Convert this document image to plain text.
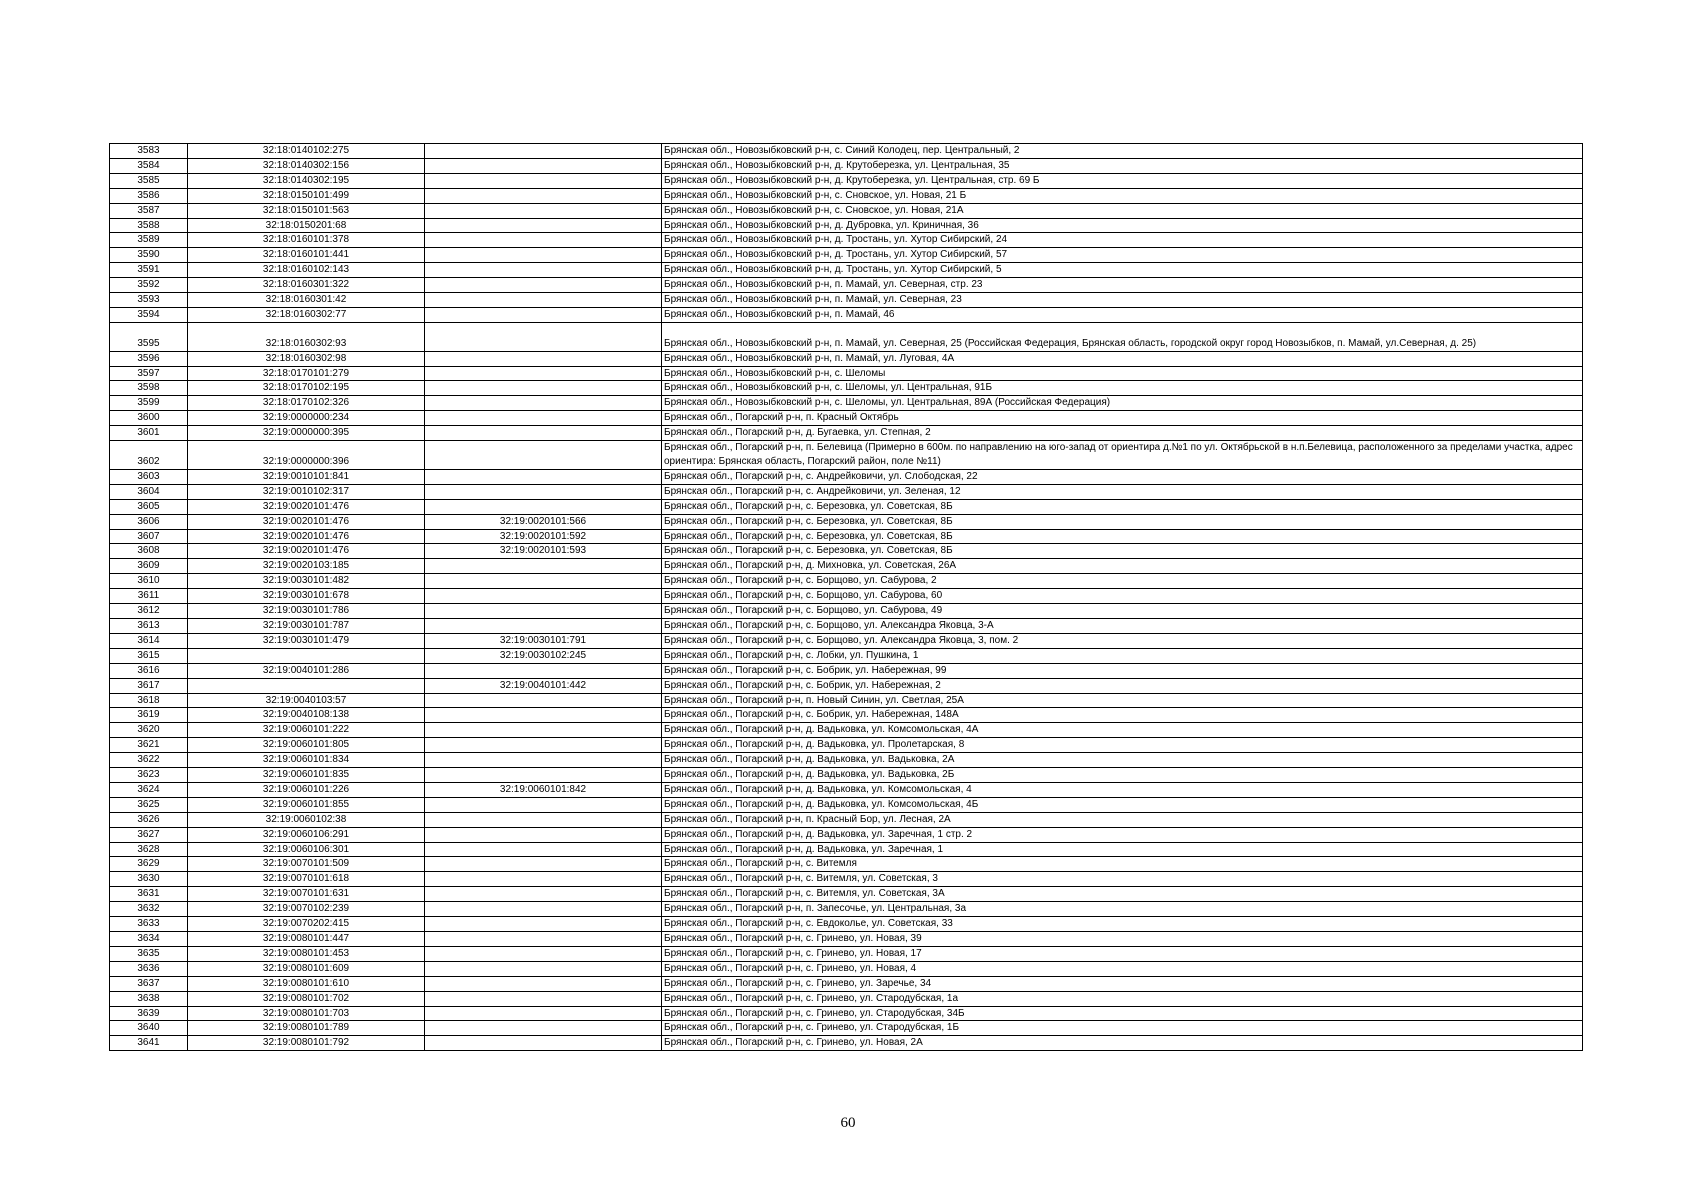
3583	32:18:0140102:275		Брянская обл., Новозыбковский р-н, с. Синий Колодец, пер. Центральный, 2
3584	32:18:0140302:156		Брянская обл., Новозыбковский р-н, д. Крутоберезка, ул. Центральная, 35
3585	32:18:0140302:195		Брянская обл., Новозыбковский р-н, д. Крутоберезка, ул. Центральная, стр. 69 Б
3586	32:18:0150101:499		Брянская обл., Новозыбковский р-н, с. Сновское, ул. Новая, 21 Б
3587	32:18:0150101:563		Брянская обл., Новозыбковский р-н, с. Сновское, ул. Новая, 21А
3588	32:18:0150201:68		Брянская обл., Новозыбковский р-н, д. Дубровка, ул. Криничная, 36
3589	32:18:0160101:378		Брянская обл., Новозыбковский р-н, д. Тростань, ул. Хутор Сибирский, 24
3590	32:18:0160101:441		Брянская обл., Новозыбковский р-н, д. Тростань, ул. Хутор Сибирский, 57
3591	32:18:0160102:143		Брянская обл., Новозыбковский р-н, д. Тростань, ул. Хутор Сибирский, 5
3592	32:18:0160301:322		Брянская обл., Новозыбковский р-н, п. Мамай, ул. Северная, стр. 23
3593	32:18:0160301:42		Брянская обл., Новозыбковский р-н, п. Мамай, ул. Северная, 23
3594	32:18:0160302:77		Брянская обл., Новозыбковский р-н, п. Мамай, 46
3595	32:18:0160302:93		Брянская обл., Новозыбковский р-н, п. Мамай, ул. Северная, 25 (Российская Федерация, Брянская область, городской округ город Новозыбков, п. Мамай, ул.Северная, д. 25)
3596	32:18:0160302:98		Брянская обл., Новозыбковский р-н, п. Мамай, ул. Луговая, 4А
3597	32:18:0170101:279		Брянская обл., Новозыбковский р-н, с. Шеломы
3598	32:18:0170102:195		Брянская обл., Новозыбковский р-н, с. Шеломы, ул. Центральная, 91Б
3599	32:18:0170102:326		Брянская обл., Новозыбковский р-н, с. Шеломы, ул. Центральная, 89А (Российская Федерация)
3600	32:19:0000000:234		Брянская обл., Погарский р-н, п. Красный Октябрь
3601	32:19:0000000:395		Брянская обл., Погарский р-н, д. Бугаевка, ул. Степная, 2
3602	32:19:0000000:396		Брянская обл., Погарский р-н, п. Белевица (Примерно в 600м. по направлению на юго-запад от ориентира д.№1 по ул. Октябрьской в н.п.Белевица, расположенного за пределами участка, адрес ориентира: Брянская область, Погарский район, поле №11)
3603	32:19:0010101:841		Брянская обл., Погарский р-н, с. Андрейковичи, ул. Слободская, 22
3604	32:19:0010102:317		Брянская обл., Погарский р-н, с. Андрейковичи, ул. Зеленая, 12
3605	32:19:0020101:476		Брянская обл., Погарский р-н, с. Березовка, ул. Советская, 8Б
3606	32:19:0020101:476	32:19:0020101:566	Брянская обл., Погарский р-н, с. Березовка, ул. Советская, 8Б
3607	32:19:0020101:476	32:19:0020101:592	Брянская обл., Погарский р-н, с. Березовка, ул. Советская, 8Б
3608	32:19:0020101:476	32:19:0020101:593	Брянская обл., Погарский р-н, с. Березовка, ул. Советская, 8Б
3609	32:19:0020103:185		Брянская обл., Погарский р-н, д. Михновка, ул. Советская, 26А
3610	32:19:0030101:482		Брянская обл., Погарский р-н, с. Борщово, ул. Сабурова, 2
3611	32:19:0030101:678		Брянская обл., Погарский р-н, с. Борщово, ул. Сабурова, 60
3612	32:19:0030101:786		Брянская обл., Погарский р-н, с. Борщово, ул. Сабурова, 49
3613	32:19:0030101:787		Брянская обл., Погарский р-н, с. Борщово, ул. Александра Яковца, 3-А
3614	32:19:0030101:479	32:19:0030101:791	Брянская обл., Погарский р-н, с. Борщово, ул. Александра Яковца, 3, пом. 2
3615		32:19:0030102:245	Брянская обл., Погарский р-н, с. Лобки, ул. Пушкина, 1
3616	32:19:0040101:286		Брянская обл., Погарский р-н, с. Бобрик, ул. Набережная, 99
3617		32:19:0040101:442	Брянская обл., Погарский р-н, с. Бобрик, ул. Набережная, 2
3618	32:19:0040103:57		Брянская обл., Погарский р-н, п. Новый Синин, ул. Светлая, 25А
3619	32:19:0040108:138		Брянская обл., Погарский р-н, с. Бобрик, ул. Набережная, 148А
3620	32:19:0060101:222		Брянская обл., Погарский р-н, д. Вадьковка, ул. Комсомольская, 4А
3621	32:19:0060101:805		Брянская обл., Погарский р-н, д. Вадьковка, ул. Пролетарская, 8
3622	32:19:0060101:834		Брянская обл., Погарский р-н, д. Вадьковка, ул. Вадьковка, 2А
3623	32:19:0060101:835		Брянская обл., Погарский р-н, д. Вадьковка, ул. Вадьковка, 2Б
3624	32:19:0060101:226	32:19:0060101:842	Брянская обл., Погарский р-н, д. Вадьковка, ул. Комсомольская, 4
3625	32:19:0060101:855		Брянская обл., Погарский р-н, д. Вадьковка, ул. Комсомольская, 4Б
3626	32:19:0060102:38		Брянская обл., Погарский р-н, п. Красный Бор, ул. Лесная, 2А
3627	32:19:0060106:291		Брянская обл., Погарский р-н, д. Вадьковка, ул. Заречная, 1 стр. 2
3628	32:19:0060106:301		Брянская обл., Погарский р-н, д. Вадьковка, ул. Заречная, 1
3629	32:19:0070101:509		Брянская обл., Погарский р-н, с. Витемля
3630	32:19:0070101:618		Брянская обл., Погарский р-н, с. Витемля, ул. Советская, 3
3631	32:19:0070101:631		Брянская обл., Погарский р-н, с. Витемля, ул. Советская, 3А
3632	32:19:0070102:239		Брянская обл., Погарский р-н, п. Запесочье, ул. Центральная, 3а
3633	32:19:0070202:415		Брянская обл., Погарский р-н, с. Евдоколье, ул. Советская, 33
3634	32:19:0080101:447		Брянская обл., Погарский р-н, с. Гринево, ул. Новая, 39
3635	32:19:0080101:453		Брянская обл., Погарский р-н, с. Гринево, ул. Новая, 17
3636	32:19:0080101:609		Брянская обл., Погарский р-н, с. Гринево, ул. Новая, 4
3637	32:19:0080101:610		Брянская обл., Погарский р-н, с. Гринево, ул. Заречье, 34
3638	32:19:0080101:702		Брянская обл., Погарский р-н, с. Гринево, ул. Стародубская, 1а
3639	32:19:0080101:703		Брянская обл., Погарский р-н, с. Гринево, ул. Стародубская, 34Б
3640	32:19:0080101:789		Брянская обл., Погарский р-н, с. Гринево, ул. Стародубская, 1Б
3641	32:19:0080101:792		Брянская обл., Погарский р-н, с. Гринево, ул. Новая, 2А
60
